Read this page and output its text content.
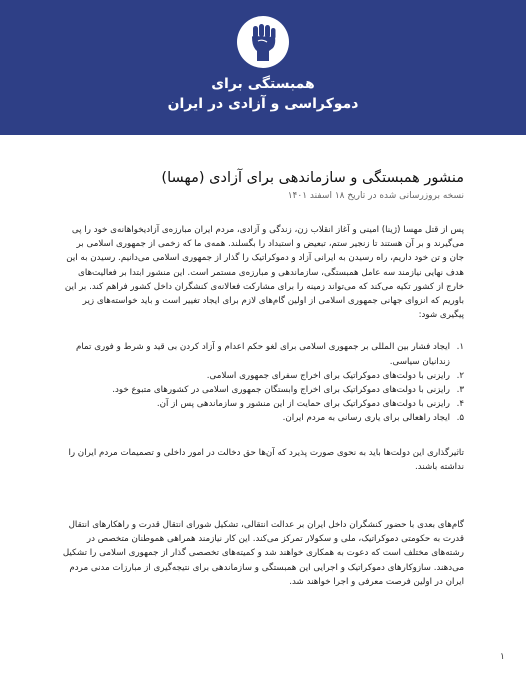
همبستگی برای
دموکراسی و آزادی در ایران
منشور همبستگی و سازماندهی برای آزادی (مهسا)
نسخه بروزرسانی شده در تاریخ ۱۸ اسفند ۱۴۰۱

پس از قتل مهسا (ژینا) امینی و آغاز انقلاب زن، زندگی و آزادی، مردم ایران مبارزه‌ی آزادیخواهانه‌ی خود را پی می‌گیرند و بر آن هستند تا زنجیر ستم، تبعیض و استبداد را بگسلند. همه‌ی ما که زخمی از جمهوری اسلامی بر جان و تن خود داریم، راه رسیدن به ایرانی آزاد و دموکراتیک را گذار از جمهوری اسلامی می‌دانیم. رسیدن به این هدف نهایی نیازمند سه عامل همبستگی، سازماندهی و مبارزه‌ی مستمر است. این منشور ابتدا بر فعالیت‌های خارج از کشور تکیه می‌کند که می‌تواند زمینه را برای مشارکت فعالانه‌ی کنشگران داخل کشور فراهم کند. بر این باوریم که انزوای جهانی جمهوری اسلامی از اولین گام‌های لازم برای ایجاد تغییر است و باید خواسته‌های زیر پیگیری شود:

۱.
ایجاد فشار بین المللی بر جمهوری اسلامی برای لغو حکم اعدام و آزاد کردن بی قید و شرط و فوری تمام زندانیان سیاسی.
۲.
رایزنی با دولت‌های دموکراتیک برای اخراج سفرای جمهوری اسلامی.
۳.
رایزنی با دولت‌های دموکراتیک برای اخراج وابستگان جمهوری اسلامی در کشورهای متبوع خود.
۴.
رایزنی با دولت‌های دموکراتیک برای حمایت از این منشور و سازماندهی پس از آن.
۵.
ایجاد راهعالی برای یاری رسانی به مردم ایران.

تاثیرگذاری این دولت‌ها باید به نحوی صورت پذیرد که آن‌ها حق دخالت در امور داخلی و تصمیمات مردم ایران را نداشته باشند.

گام‌های بعدی با حضور کنشگران داخل ایران بر عدالت انتقالی، تشکیل شورای انتقال قدرت و راهکارهای انتقال قدرت به حکومتی دموکراتیک، ملی و سکولار تمرکز می‌کند. این کار نیازمند همراهی هموطنان متخصص در رشته‌های مختلف است که دعوت به همکاری خواهند شد و کمیته‌های تخصصی گذار از جمهوری اسلامی را تشکیل می‌دهند. سازوکارهای دموکراتیک و اجرایی این همبستگی و سازماندهی برای نتیجه‌گیری از مبارزات مدنی مردم ایران در اولین فرصت معرفی و اجرا خواهند شد.

۱
